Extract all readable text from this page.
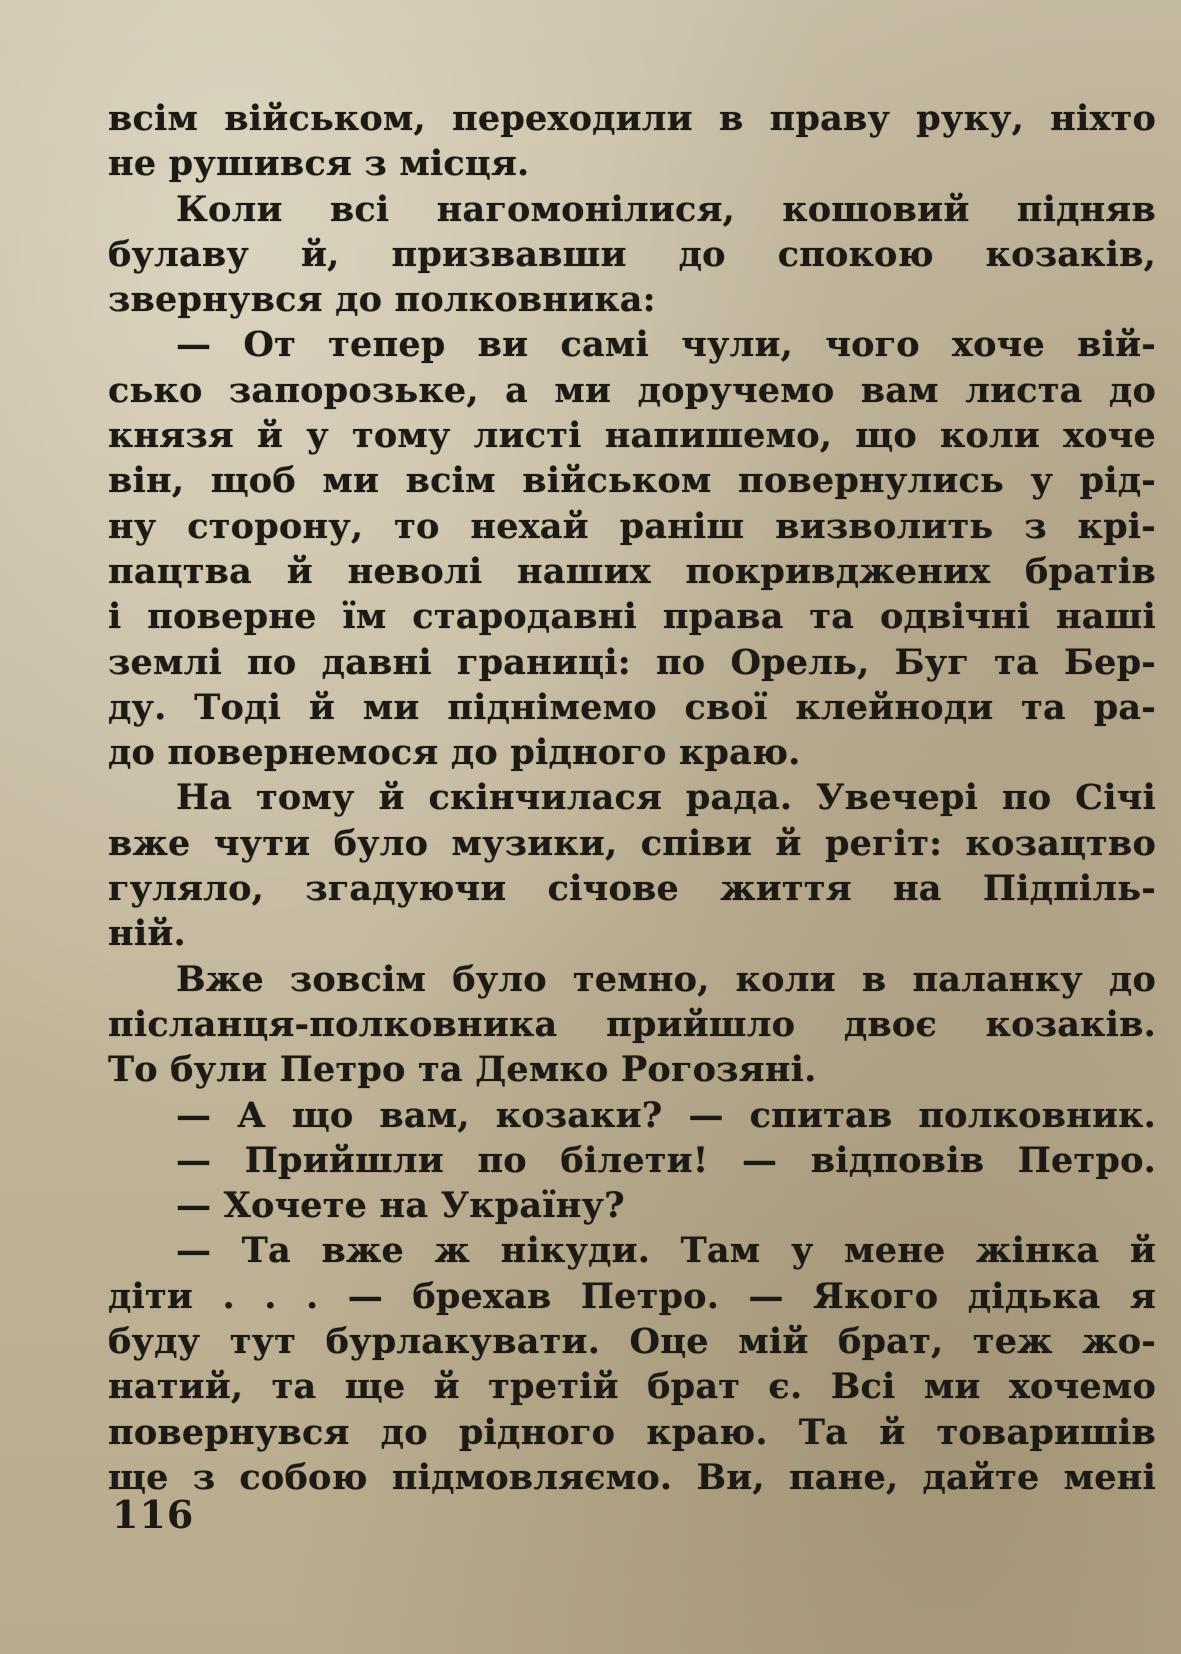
всім військом, переходили в праву руку, ніхто
не рушився з місця.
Коли всі нагомонілися, кошовий підняв
булаву й, призвавши до спокою козаків,
звернувся до полковника:
— От тепер ви самі чули, чого хоче вій-
сько запорозьке, а ми доручемо вам листа до
князя й у тому листі напишемо, що коли хоче
він, щоб ми всім військом повернулись у рід-
ну сторону, то нехай раніш визволить з крі-
пацтва й неволі наших покривджених братів
і поверне їм стародавні права та одвічні наші
землі по давні границі: по Орель, Буг та Бер-
ду. Тоді й ми піднімемо свої клейноди та ра-
до повернемося до рідного краю.
На тому й скінчилася рада. Увечері по Січі
вже чути було музики, співи й регіт: козацтво
гуляло, згадуючи січове життя на Підпіль-
ній.
Вже зовсім було темно, коли в паланку до
післанця-полковника прийшло двоє козаків.
То були Петро та Демко Рогозяні.
— А що вам, козаки? — спитав полковник.
— Прийшли по білети! — відповів Петро.
— Хочете на Україну?
— Та вже ж нікуди. Там у мене жінка й
діти . . . — брехав Петро. — Якого дідька я
буду тут бурлакувати. Оце мій брат, теж жо-
натий, та ще й третій брат є. Всі ми хочемо
повернувся до рідного краю. Та й товаришів
ще з собою підмовляємо. Ви, пане, дайте мені
116
